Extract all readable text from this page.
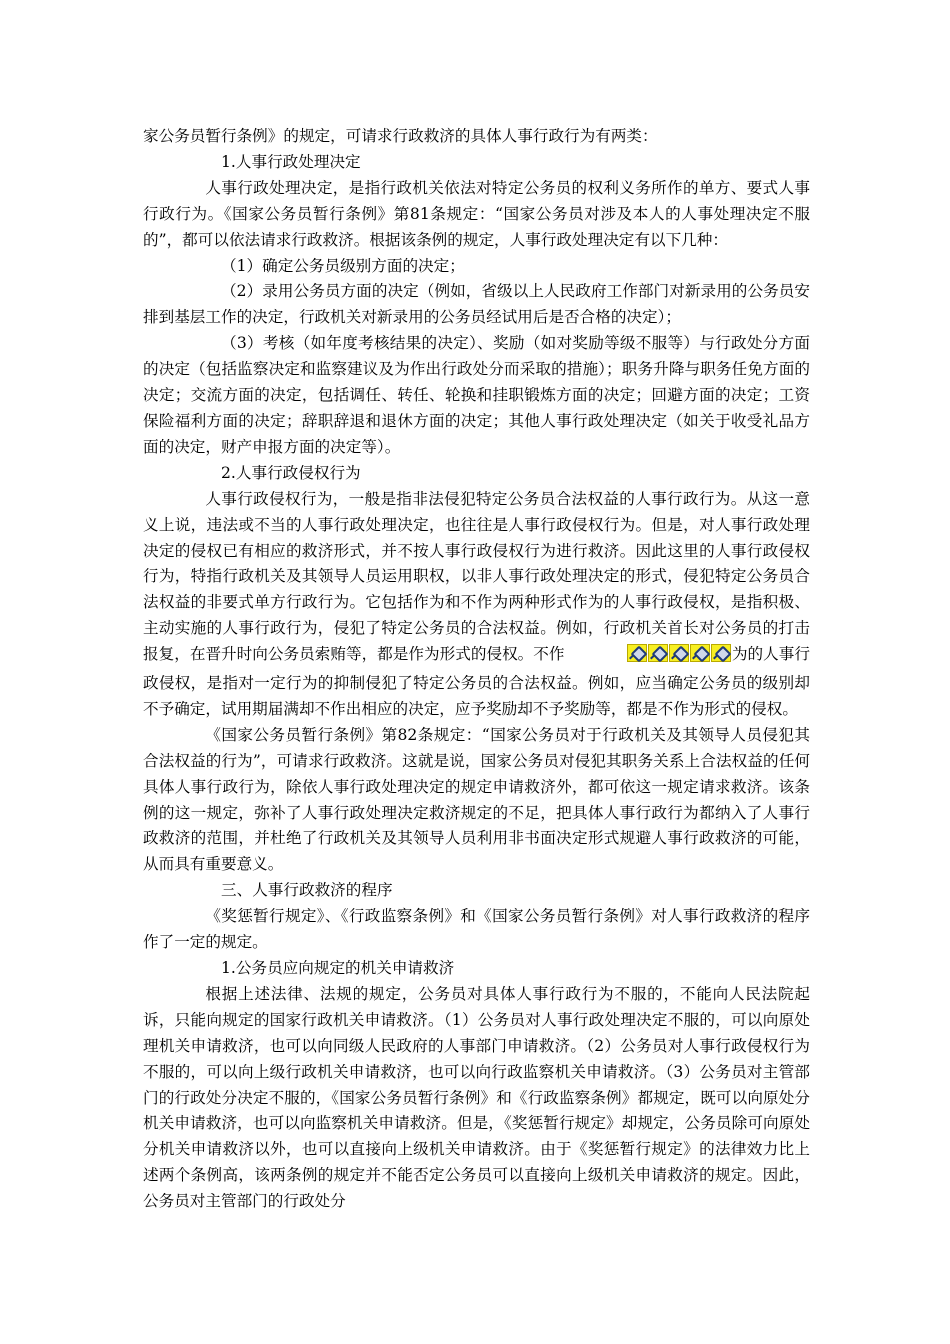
家公务员暂行条例》的规定，可请求行政救济的具体人事行政行为有两类：

1.人事行政处理决定

人事行政处理决定，是指行政机关依法对特定公务员的权利义务所作的单方、要式人事行政行为。《国家公务员暂行条例》第81条规定：“国家公务员对涉及本人的人事处理决定不服的”，都可以依法请求行政救济。根据该条例的规定，人事行政处理决定有以下几种：

（1）确定公务员级别方面的决定；

（2）录用公务员方面的决定（例如，省级以上人民政府工作部门对新录用的公务员安排到基层工作的决定，行政机关对新录用的公务员经试用后是否合格的决定）；

（3）考核（如年度考核结果的决定）、奖励（如对奖励等级不服等）与行政处分方面的决定（包括监察决定和监察建议及为作出行政处分而采取的措施）；职务升降与职务任免方面的决定；交流方面的决定，包括调任、转任、轮换和挂职锻炼方面的决定；回避方面的决定；工资保险福利方面的决定；辞职辞退和退休方面的决定；其他人事行政处理决定（如关于收受礼品方面的决定，财产申报方面的决定等）。

2.人事行政侵权行为

人事行政侵权行为，一般是指非法侵犯特定公务员合法权益的人事行政行为。从这一意义上说，违法或不当的人事行政处理决定，也往往是人事行政侵权行为。但是，对人事行政处理决定的侵权已有相应的救济形式，并不按人事行政侵权行为进行救济。因此这里的人事行政侵权行为，特指行政机关及其领导人员运用职权，以非人事行政处理决定的形式，侵犯特定公务员合法权益的非要式单方行政行为。它包括作为和不作为两种形式作为的人事行政侵权，是指积极、主动实施的人事行政行为，侵犯了特定公务员的合法权益。例如，行政机关首长对公务员的打击报复，在晋升时向公务员索贿等，都是作为形式的侵权。不作	为的人事行政侵权，是指对一定行为的抑制侵犯了特定公务员的合法权益。例如，应当确定公务员的级别却不予确定，试用期届满却不作出相应的决定，应予奖励却不予奖励等，都是不作为形式的侵权。

《国家公务员暂行条例》第82条规定：“国家公务员对于行政机关及其领导人员侵犯其合法权益的行为”，可请求行政救济。这就是说，国家公务员对侵犯其职务关系上合法权益的任何具体人事行政行为，除依人事行政处理决定的规定申请救济外，都可依这一规定请求救济。该条例的这一规定，弥补了人事行政处理决定救济规定的不足，把具体人事行政行为都纳入了人事行政救济的范围，并杜绝了行政机关及其领导人员利用非书面决定形式规避人事行政救济的可能，从而具有重要意义。

三、人事行政救济的程序

《奖惩暂行规定》、《行政监察条例》和《国家公务员暂行条例》对人事行政救济的程序作了一定的规定。

1.公务员应向规定的机关申请救济

根据上述法律、法规的规定，公务员对具体人事行政行为不服的，不能向人民法院起诉，只能向规定的国家行政机关申请救济。（1）公务员对人事行政处理决定不服的，可以向原处理机关申请救济，也可以向同级人民政府的人事部门申请救济。（2）公务员对人事行政侵权行为不服的，可以向上级行政机关申请救济，也可以向行政监察机关申请救济。（3）公务员对主管部门的行政处分决定不服的，《国家公务员暂行条例》和《行政监察条例》都规定，既可以向原处分机关申请救济，也可以向监察机关申请救济。但是，《奖惩暂行规定》却规定，公务员除可向原处分机关申请救济以外，也可以直接向上级机关申请救济。由于《奖惩暂行规定》的法律效力比上述两个条例高，该两条例的规定并不能否定公务员可以直接向上级机关申请救济的规定。因此，公务员对主管部门的行政处分
